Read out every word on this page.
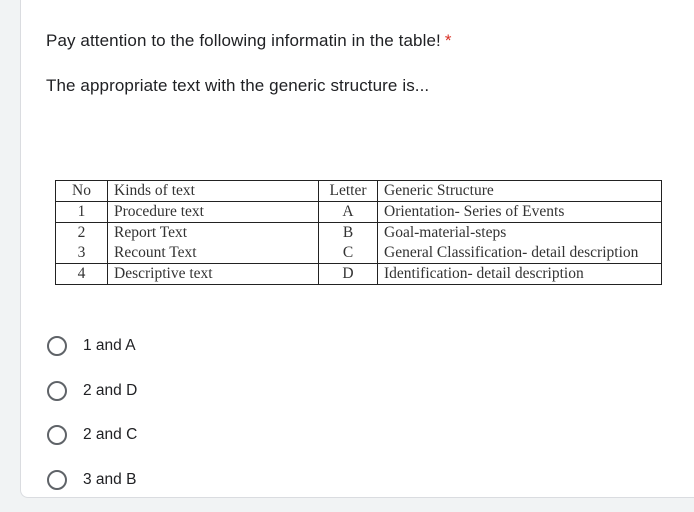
Pay attention to the following informatin in the table! *
The appropriate text with the generic structure is...
No	Kinds of text	Letter	Generic Structure
1	Procedure text	A	Orientation- Series of Events
2	Report Text	B	Goal-material-steps
3	Recount Text	C	General Classification- detail description
4	Descriptive text	D	Identification- detail description
1 and A
2 and D
2 and C
3 and B
